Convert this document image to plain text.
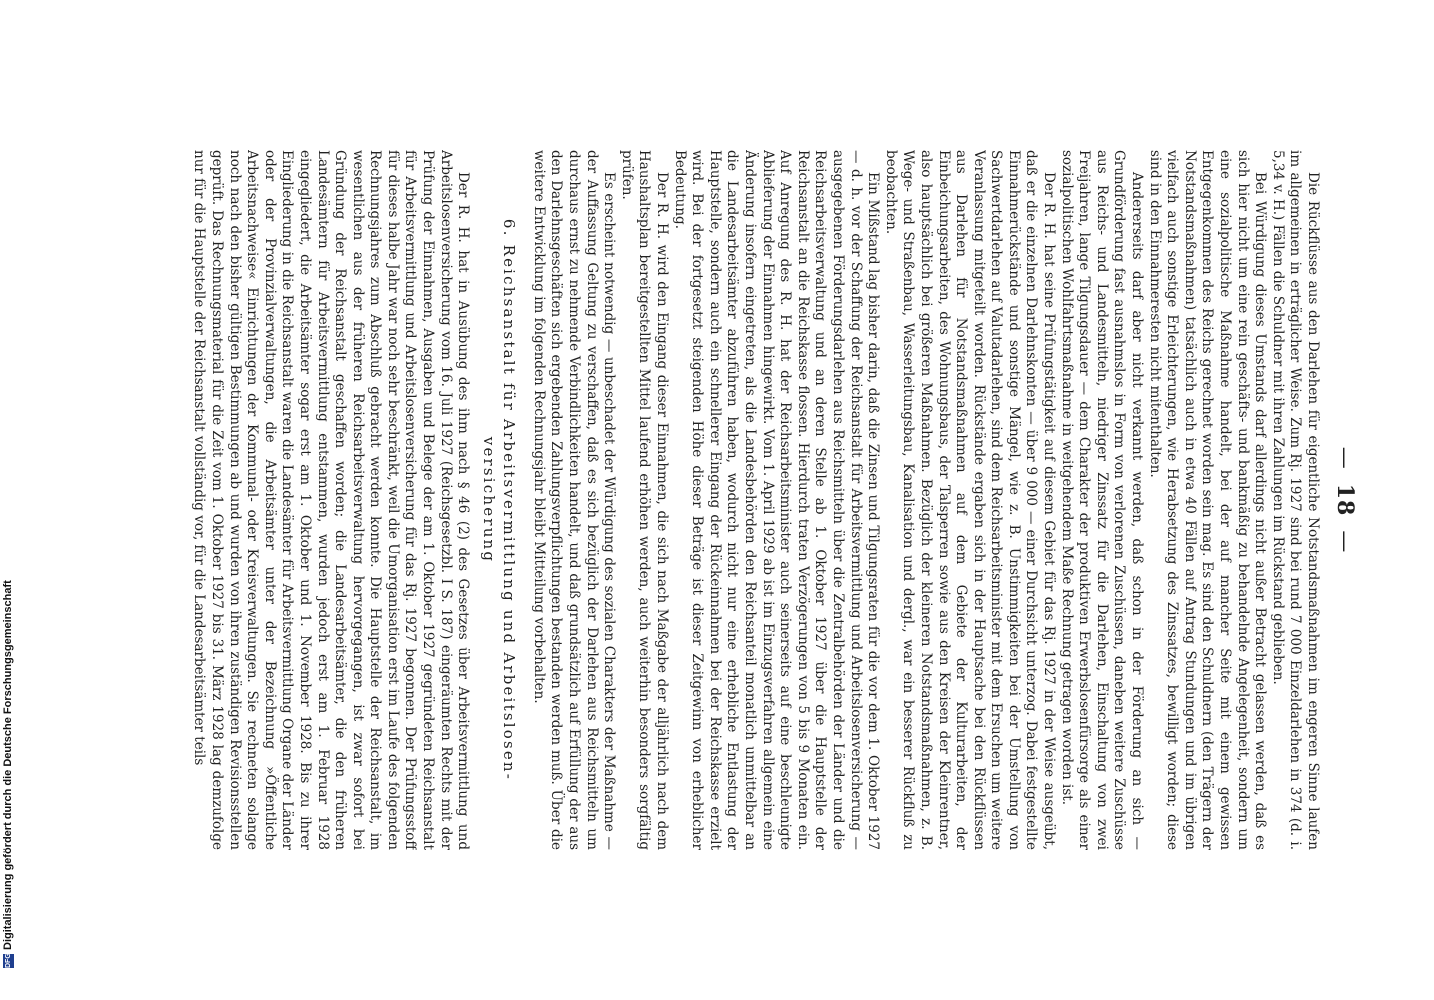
—18—

Die Rückflüsse aus den Darlehen für eigentliche Notstandsmaßnahmen im engeren Sinne laufen im allgemeinen in erträglicher Weise. Zum Rj. 1927 sind bei rund 7 000 Einzeldarlehen in 374 (d. i. 5,34 v. H.) Fällen die Schuldner mit ihren Zahlungen im Rückstand geblieben.

Bei Würdigung dieses Umstands darf allerdings nicht außer Betracht gelassen werden, daß es sich hier nicht um eine rein geschäfts- und bankmäßig zu behandelnde Angelegenheit, sondern um eine sozialpolitische Maßnahme handelt, bei der auf mancher Seite mit einem gewissen Entgegenkommen des Reichs gerechnet worden sein mag. Es sind den Schuldnern (den Trägern der Notstandsmaßnahmen) tatsächlich auch in etwa 40 Fällen auf Antrag Stundungen und im übrigen vielfach auch sonstige Erleichterungen, wie Herabsetzung des Zinssatzes, bewilligt worden; diese sind in den Einnahmeresten nicht mitenthalten.

Andererseits darf aber nicht verkannt werden, daß schon in der Förderung an sich — Grundförderung fast ausnahmslos in Form von verlorenen Zuschüssen, daneben weitere Zuschüsse aus Reichs- und Landesmitteln, niedriger Zinssatz für die Darlehen, Einschaltung von zwei Freijahren, lange Tilgungsdauer — dem Charakter der produktiven Erwerbslosenfürsorge als einer sozialpolitischen Wohlfahrtsmaßnahme in weitgehendem Maße Rechnung getragen worden ist.

Der R. H. hat seine Prüfungstätigkeit auf diesem Gebiet für das Rj. 1927 in der Weise ausgeübt, daß er die einzelnen Darlehnskonten — über 9 000 — einer Durchsicht unterzog. Dabei festgestellte Einnahmerückstände und sonstige Mängel, wie z. B. Unstimmigkeiten bei der Umstellung von Sachwertdarlehen auf Valutadarlehen, sind dem Reichsarbeitsminister mit dem Ersuchen um weitere Veranlassung mitgeteilt worden. Rückstände ergaben sich in der Hauptsache bei den Rückflüssen aus Darlehen für Notstandsmaßnahmen auf dem Gebiete der Kulturarbeiten, der Einbeichungsarbeiten, des Wohnungsbaus, der Talsperren sowie aus den Kreisen der Kleinrentner, also hauptsächlich bei größeren Maßnahmen. Bezüglich der kleineren Notstandsmaßnahmen, z. B. Wege- und Straßenbau, Wasserleitungsbau, Kanalisation und dergl., war ein besserer Rückfluß zu beobachten.

Ein Mißstand lag bisher darin, daß die Zinsen und Tilgungsraten für die vor dem 1. Oktober 1927 — d. h. vor der Schaffung der Reichsanstalt für Arbeitsvermittlung und Arbeitslosenversicherung — ausgegebenen Förderungsdarlehen aus Reichsmitteln über die Zentralbehörden der Länder und die Reichsarbeitsverwaltung und an deren Stelle ab 1. Oktober 1927 über die Hauptstelle der Reichsanstalt an die Reichskasse flossen. Hierdurch traten Verzögerungen von 5 bis 9 Monaten ein. Auf Anregung des R. H. hat der Reichsarbeitsminister auch seinerseits auf eine beschleunigte Ablieferung der Einnahmen hingewirkt. Vom 1. April 1929 ab ist im Einzugsverfahren allgemein eine Änderung insofern eingetreten, als die Landesbehörden den Reichsanteil monatlich unmittelbar an die Landesarbeitsämter abzuführen haben, wodurch nicht nur eine erhebliche Entlastung der Hauptstelle, sondern auch ein schnellerer Eingang der Rückeinnahmen bei der Reichskasse erzielt wird. Bei der fortgesetzt steigenden Höhe dieser Beträge ist dieser Zeitgewinn von erheblicher Bedeutung.

Der R. H. wird den Eingang dieser Einnahmen, die sich nach Maßgabe der alljährlich nach dem Haushaltsplan bereitgestellten Mittel laufend erhöhen werden, auch weiterhin besonders sorgfältig prüfen.

Es erscheint notwendig — unbeschadet der Würdigung des sozialen Charakters der Maßnahme — der Auffassung Geltung zu verschaffen, daß es sich bezüglich der Darlehen aus Reichsmitteln um durchaus ernst zu nehmende Verbindlichkeiten handelt, und daß grundsätzlich auf Erfüllung der aus den Darlehnsgeschäften sich ergebenden Zahlungsverpflichtungen bestanden werden muß. Über die weitere Entwicklung im folgenden Rechnungsjahr bleibt Mitteilung vorbehalten.

6. Reichsanstalt für Arbeitsvermittlung und Arbeitslosen-
versicherung

Der R. H. hat in Ausübung des ihm nach § 46 (2) des Gesetzes über Arbeitsvermittlung und Arbeitslosenversicherung vom 16. Juli 1927 (Reichsgesetzbl. I S. 187) eingeräumten Rechts mit der Prüfung der Einnahmen, Ausgaben und Belege der am 1. Oktober 1927 gegründeten Reichsanstalt für Arbeitsvermittlung und Arbeitslosenversicherung für das Rj. 1927 begonnen. Der Prüfungsstoff für dieses halbe Jahr war noch sehr beschränkt, weil die Umorganisation erst im Laufe des folgenden Rechnungsjahres zum Abschluß gebracht werden konnte. Die Hauptstelle der Reichsanstalt, im wesentlichen aus der früheren Reichsarbeitsverwaltung hervorgegangen, ist zwar sofort bei Gründung der Reichsanstalt geschaffen worden; die Landesarbeitsämter, die den früheren Landesämtern für Arbeitsvermittlung entstammen, wurden jedoch erst am 1. Februar 1928 eingegliedert, die Arbeitsämter sogar erst am 1. Oktober und 1. November 1928. Bis zu ihrer Eingliederung in die Reichsanstalt waren die Landesämter für Arbeitsvermittlung Organe der Länder oder der Provinzialverwaltungen, die Arbeitsämter unter der Bezeichnung »Öffentliche Arbeitsnachweise« Einrichtungen der Kommunal- oder Kreisverwaltungen. Sie rechneten solange noch nach den bisher gültigen Bestimmungen ab und wurden von ihren zuständigen Revisionsstellen geprüft. Das Rechnungsmaterial für die Zeit vom 1. Oktober 1927 bis 31. März 1928 lag demzufolge nur für die Hauptstelle der Reichsanstalt vollständig vor, für die Landesarbeitsämter teils

DFG
Digitalisierung gefördert durch die Deutsche Forschungsgemeinschaft
